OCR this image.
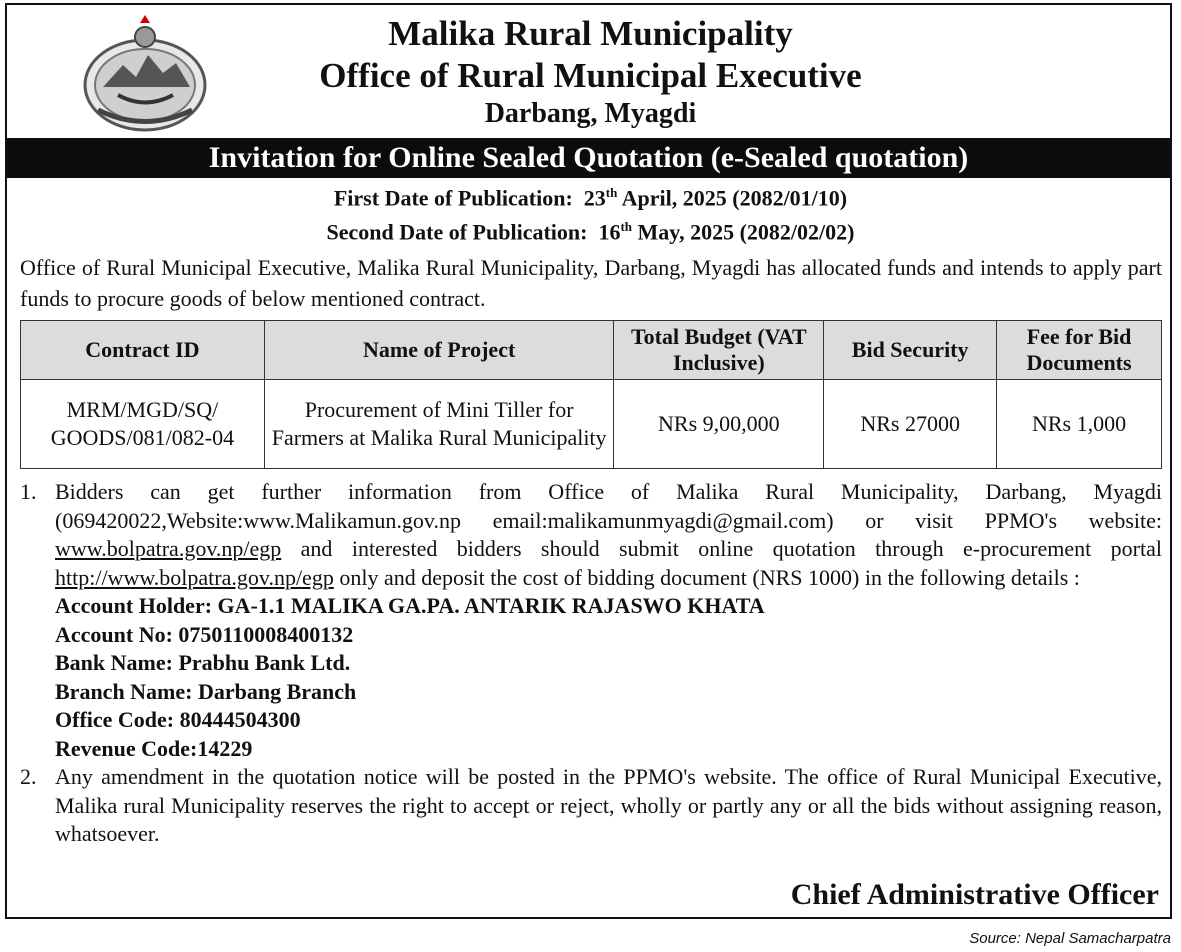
Malika Rural Municipality
Office of Rural Municipal Executive
Darbang, Myagdi
Invitation for Online Sealed Quotation (e-Sealed quotation)
First Date of Publication: 23th April, 2025 (2082/01/10)
Second Date of Publication: 16th May, 2025 (2082/02/02)
Office of Rural Municipal Executive, Malika Rural Municipality, Darbang, Myagdi has allocated funds and intends to apply part funds to procure goods of below mentioned contract.
Contract ID	Name of Project	Total Budget (VAT Inclusive)	Bid Security	Fee for Bid Documents
MRM/MGD/SQ/ GOODS/081/082-04	Procurement of Mini Tiller for Farmers at Malika Rural Municipality	NRs 9,00,000	NRs 27000	NRs 1,000
1. Bidders can get further information from Office of Malika Rural Municipality, Darbang, Myagdi (069420022,Website:www.Malikamun.gov.np email:malikamunmyagdi@gmail.com) or visit PPMO's website: www.bolpatra.gov.np/egp and interested bidders should submit online quotation through e-procurement portal http://www.bolpatra.gov.np/egp only and deposit the cost of bidding document (NRS 1000) in the following details :
Account Holder: GA-1.1 MALIKA GA.PA. ANTARIK RAJASWO KHATA
Account No: 0750110008400132
Bank Name: Prabhu Bank Ltd.
Branch Name: Darbang Branch
Office Code: 80444504300
Revenue Code:14229
2. Any amendment in the quotation notice will be posted in the PPMO's website. The office of Rural Municipal Executive, Malika rural Municipality reserves the right to accept or reject, wholly or partly any or all the bids without assigning reason, whatsoever.
Chief Administrative Officer
Source: Nepal Samacharpatra
